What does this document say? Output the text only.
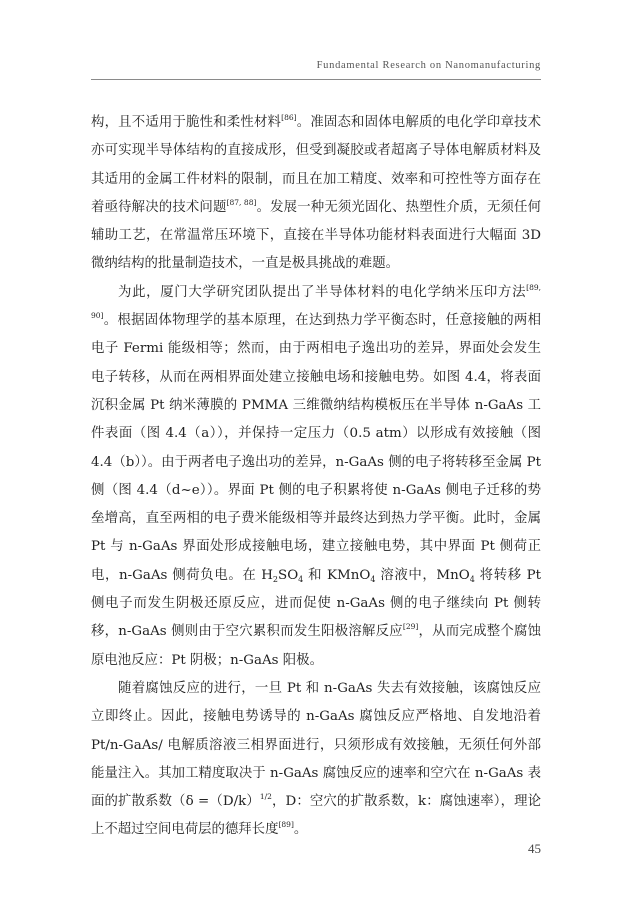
Fundamental Research on Nanomanufacturing

构，且不适用于脆性和柔性材料[86]。准固态和固体电解质的电化学印章技术亦可实现半导体结构的直接成形，但受到凝胶或者超离子导体电解质材料及其适用的金属工件材料的限制，而且在加工精度、效率和可控性等方面存在着亟待解决的技术问题[87, 88]。发展一种无须光固化、热塑性介质，无须任何辅助工艺，在常温常压环境下，直接在半导体功能材料表面进行大幅面 3D 微纳结构的批量制造技术，一直是极具挑战的难题。

为此，厦门大学研究团队提出了半导体材料的电化学纳米压印方法[89, 90]。根据固体物理学的基本原理，在达到热力学平衡态时，任意接触的两相电子 Fermi 能级相等；然而，由于两相电子逸出功的差异，界面处会发生电子转移，从而在两相界面处建立接触电场和接触电势。如图 4.4，将表面沉积金属 Pt 纳米薄膜的 PMMA 三维微纳结构模板压在半导体 n-GaAs 工件表面（图 4.4（a）），并保持一定压力（0.5 atm）以形成有效接触（图 4.4（b））。由于两者电子逸出功的差异，n-GaAs 侧的电子将转移至金属 Pt 侧（图 4.4（d~e））。界面 Pt 侧的电子积累将使 n-GaAs 侧电子迁移的势垒增高，直至两相的电子费米能级相等并最终达到热力学平衡。此时，金属 Pt 与 n-GaAs 界面处形成接触电场，建立接触电势，其中界面 Pt 侧荷正电，n-GaAs 侧荷负电。在 $H_2SO_4$ 和 KMnO$_4$ 溶液中，MnO$_4$ 将转移 Pt 侧电子而发生阴极还原反应，进而促使 n-GaAs 侧的电子继续向 Pt 侧转移，n-GaAs 侧则由于空穴累积而发生阳极溶解反应[29]，从而完成整个腐蚀原电池反应：Pt 阴极；n-GaAs 阳极。

随着腐蚀反应的进行，一旦 Pt 和 n-GaAs 失去有效接触，该腐蚀反应立即终止。因此，接触电势诱导的 n-GaAs 腐蚀反应严格地、自发地沿着 Pt/n-GaAs/ 电解质溶液三相界面进行，只须形成有效接触，无须任何外部能量注入。其加工精度取决于 n-GaAs 腐蚀反应的速率和空穴在 n-GaAs 表面的扩散系数（$\delta =(D/k)^{1/2}$，D：空穴的扩散系数，k：腐蚀速率），理论上不超过空间电荷层的德拜长度[89]。

45
